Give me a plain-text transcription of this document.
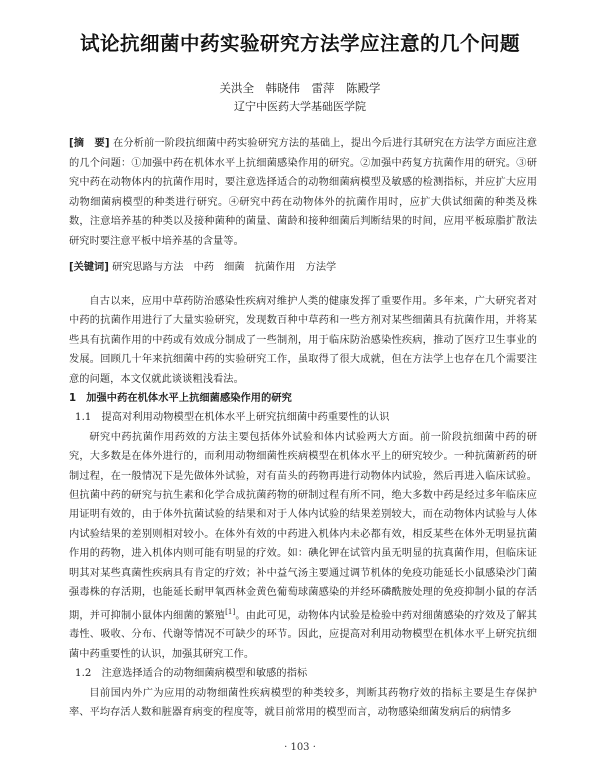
试论抗细菌中药实验研究方法学应注意的几个问题
关洪全　韩晓伟　雷萍　陈殿学
辽宁中医药大学基础医学院
[摘　要] 在分析前一阶段抗细菌中药实验研究方法的基础上，提出今后进行其研究在方法学方面应注意的几个问题：①加强中药在机体水平上抗细菌感染作用的研究。②加强中药复方抗菌作用的研究。③研究中药在动物体内的抗菌作用时，要注意选择适合的动物细菌病模型及敏感的检测指标，并应扩大应用动物细菌病模型的种类进行研究。④研究中药在动物体外的抗菌作用时，应扩大供试细菌的种类及株数，注意培养基的种类以及接种菌种的菌量、菌龄和接种细菌后判断结果的时间，应用平板琼脂扩散法研究时要注意平板中培养基的含量等。
[关键词] 研究思路与方法　中药　细菌　抗菌作用　方法学

自古以来，应用中草药防治感染性疾病对维护人类的健康发挥了重要作用。多年来，广大研究者对中药的抗菌作用进行了大量实验研究，发现数百种中草药和一些方剂对某些细菌具有抗菌作用，并将某些具有抗菌作用的中药或有效成分制成了一些制剂，用于临床防治感染性疾病，推动了医疗卫生事业的发展。回顾几十年来抗细菌中药的实验研究工作，虽取得了很大成就，但在方法学上也存在几个需要注意的问题，本文仅就此谈谈粗浅看法。

1 加强中药在机体水平上抗细菌感染作用的研究
1.1 提高对利用动物模型在机体水平上研究抗细菌中药重要性的认识

研究中药抗菌作用药效的方法主要包括体外试验和体内试验两大方面。前一阶段抗细菌中药的研究，大多数是在体外进行的，而利用动物细菌性疾病模型在机体水平上的研究较少。一种抗菌新药的研制过程，在一般情况下是先做体外试验，对有苗头的药物再进行动物体内试验，然后再进入临床试验。但抗菌中药的研究与抗生素和化学合成抗菌药物的研制过程有所不同，绝大多数中药是经过多年临床应用证明有效的，由于体外抗菌试验的结果和对于人体内试验的结果差别较大，而在动物体内试验与人体内试验结果的差别则相对较小。在体外有效的中药进入机体内未必都有效，相反某些在体外无明显抗菌作用的药物，进入机体内则可能有明显的疗效。如：碘化钾在试管内虽无明显的抗真菌作用，但临床证明其对某些真菌性疾病具有肯定的疗效；补中益气汤主要通过调节机体的免疫功能延长小鼠感染沙门菌强毒株的存活期，也能延长耐甲氧西林金黄色葡萄球菌感染的并经环磷酰胺处理的免疫抑制小鼠的存活期，并可抑制小鼠体内细菌的繁殖[1]。由此可见，动物体内试验是检验中药对细菌感染的疗效及了解其毒性、吸收、分布、代谢等情况不可缺少的环节。因此，应提高对利用动物模型在机体水平上研究抗细菌中药重要性的认识，加强其研究工作。

1.2 注意选择适合的动物细菌病模型和敏感的指标

目前国内外广为应用的动物细菌性疾病模型的种类较多，判断其药物疗效的指标主要是生存保护率、平均存活人数和脏器育病变的程度等，就目前常用的模型而言，动物感染细菌发病后的病情多

· 103 ·
